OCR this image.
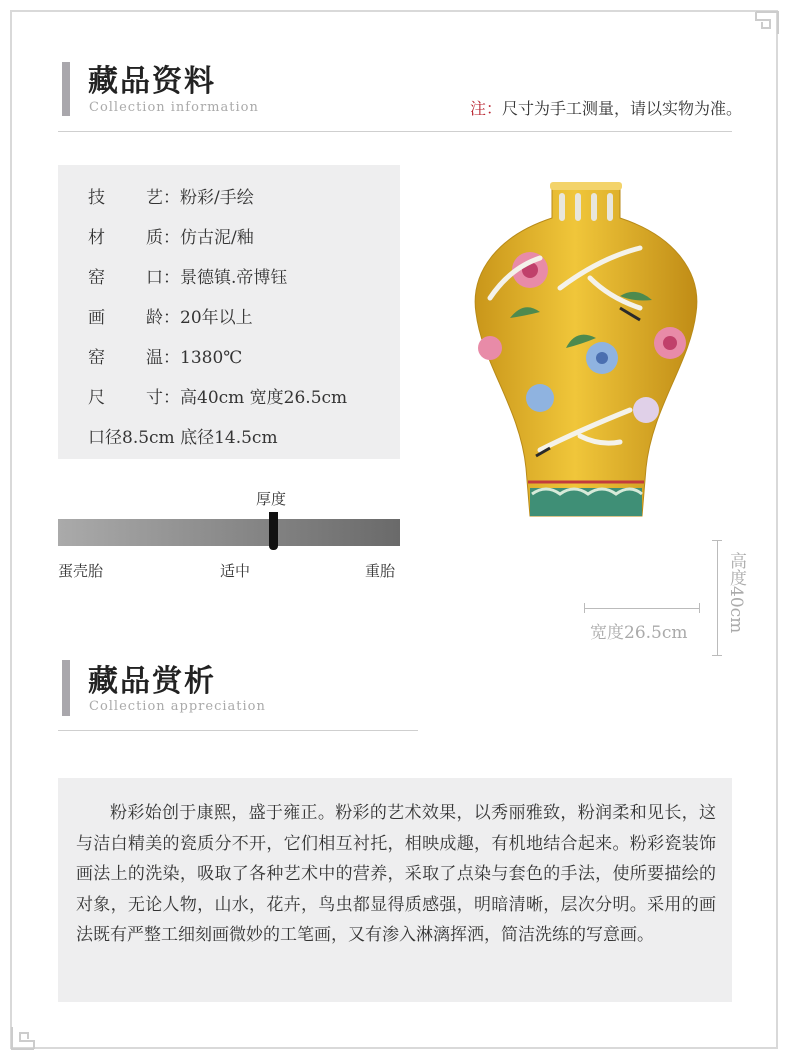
藏品资料
Collection information	注：尺寸为手工测量，请以实物为准。
技 艺：粉彩/手绘
材 质：仿古泥/釉
窑 口：景德镇.帝博钰
画 龄：20年以上
窑 温：1380℃
尺 寸：高40cm 宽度26.5cm
口径8.5cm 底径14.5cm
厚度
蛋壳胎	适中	重胎
宽度26.5cm 高度40cm
藏品赏析
Collection appreciation
粉彩始创于康熙，盛于雍正。粉彩的艺术效果，以秀丽雅致，粉润柔和见长，这与洁白精美的瓷质分不开，它们相互衬托，相映成趣，有机地结合起来。粉彩瓷装饰画法上的洗染，吸取了各种艺术中的营养，采取了点染与套色的手法，使所要描绘的对象，无论人物，山水，花卉，鸟虫都显得质感强，明暗清晰，层次分明。采用的画法既有严整工细刻画微妙的工笔画，又有渗入淋漓挥洒，简洁洗练的写意画。
